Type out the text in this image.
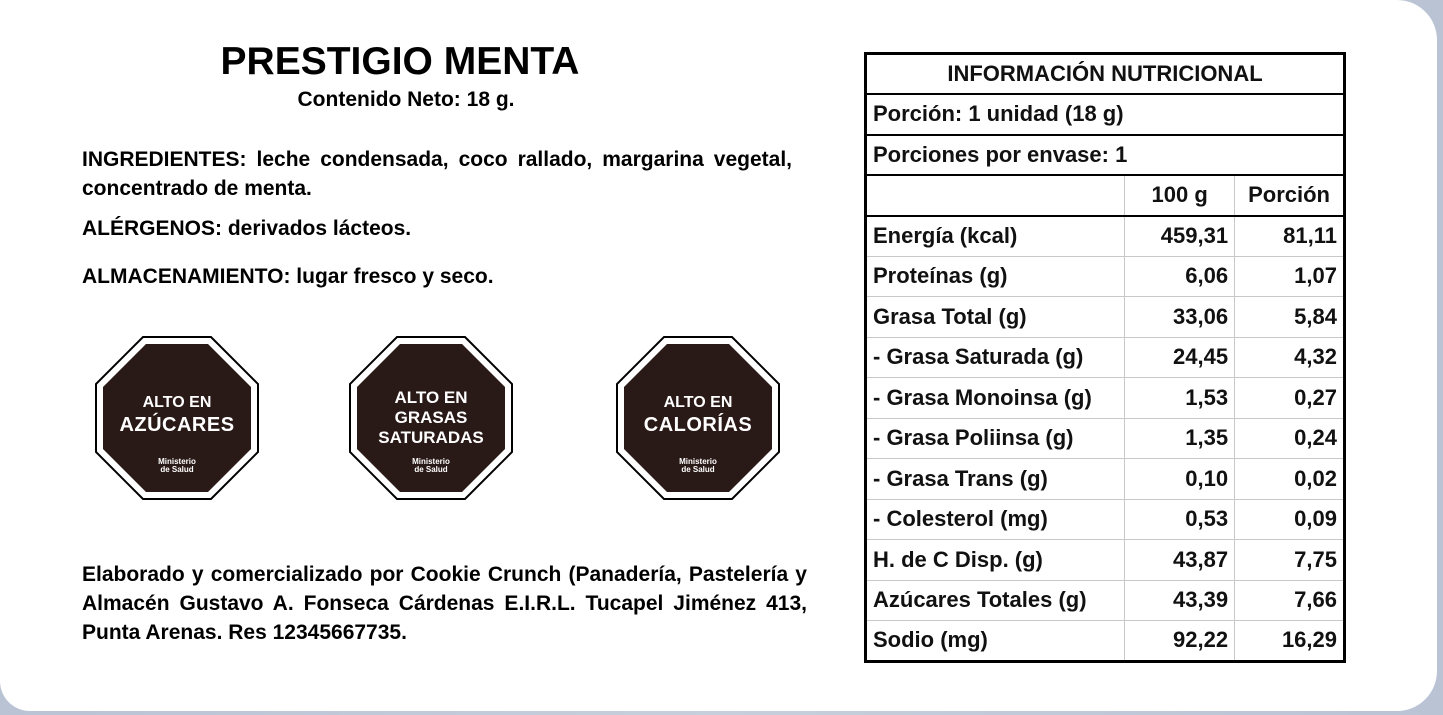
PRESTIGIO MENTA
Contenido Neto: 18 g.
INGREDIENTES: leche condensada, coco rallado, margarina vegetal, concentrado de menta.
ALÉRGENOS: derivados lácteos.
ALMACENAMIENTO: lugar fresco y seco.
ALTO EN
AZÚCARES
Ministerio
de Salud
ALTO EN
GRASAS
SATURADAS
Ministerio
de Salud
ALTO EN
CALORÍAS
Ministerio
de Salud
Elaborado y comercializado por Cookie Crunch (Panadería, Pastelería y Almacén Gustavo A. Fonseca Cárdenas E.I.R.L. Tucapel Jiménez 413, Punta Arenas. Res 12345667735.
INFORMACIÓN NUTRICIONAL		
Porción: 1 unidad (18 g)		
Porciones por envase: 1		
	100 g	Porción
Energía (kcal)	459,31	81,11
Proteínas (g)	6,06	1,07
Grasa Total (g)	33,06	5,84
- Grasa Saturada (g)	24,45	4,32
- Grasa Monoinsa (g)	1,53	0,27
- Grasa Poliinsa (g)	1,35	0,24
- Grasa Trans (g)	0,10	0,02
- Colesterol (mg)	0,53	0,09
H. de C Disp. (g)	43,87	7,75
Azúcares Totales (g)	43,39	7,66
Sodio (mg)	92,22	16,29
